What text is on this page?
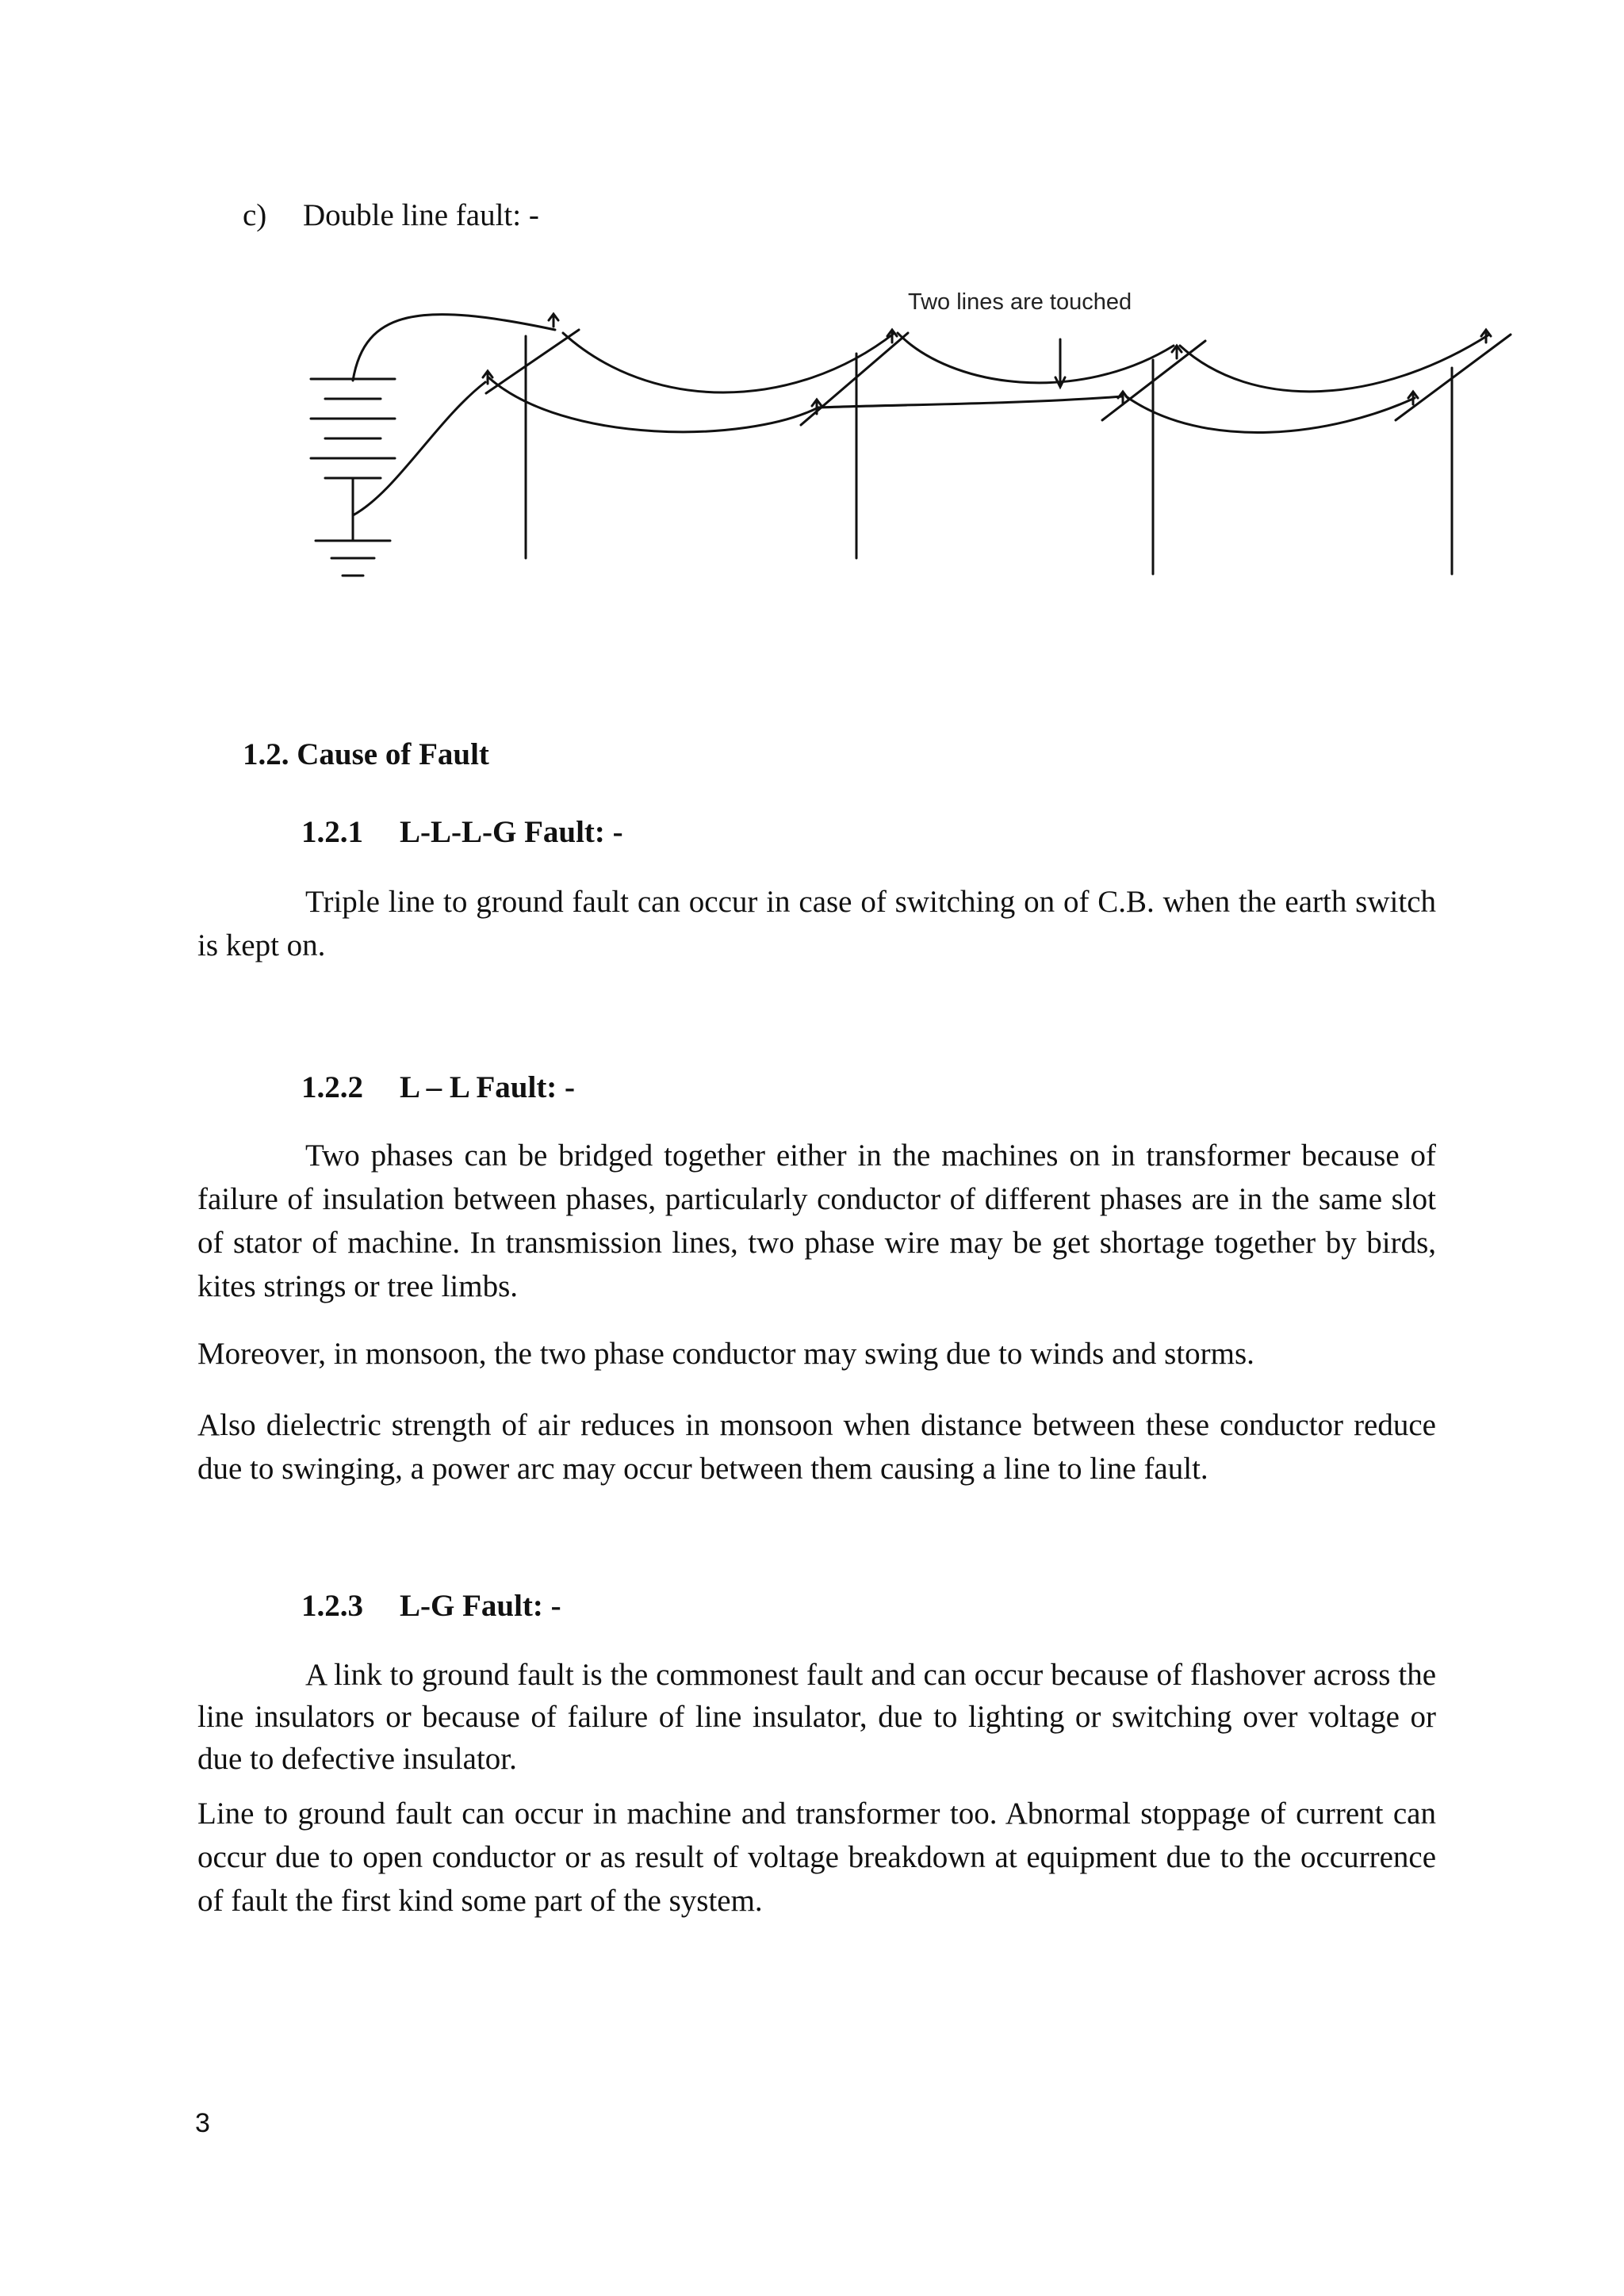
c) Double line fault: -
Two lines are touched
1.2. Cause of Fault
1.2.1 L-L-L-G Fault: -

Triple line to ground fault can occur in case of switching on of C.B. when the earth switch is kept on.

1.2.2 L – L Fault: -

Two phases can be bridged together either in the machines on in transformer because of failure of insulation between phases, particularly conductor of different phases are in the same slot of stator of machine. In transmission lines, two phase wire may be get shortage together by birds, kites strings or tree limbs.

Moreover, in monsoon, the two phase conductor may swing due to winds and storms.

Also dielectric strength of air reduces in monsoon when distance between these conductor reduce due to swinging, a power arc may occur between them causing a line to line fault.

1.2.3 L-G Fault: -

A link to ground fault is the commonest fault and can occur because of flashover across the line insulators or because of failure of line insulator, due to lighting or switching over voltage or due to defective insulator.

Line to ground fault can occur in machine and transformer too. Abnormal stoppage of current can occur due to open conductor or as result of voltage breakdown at equipment due to the occurrence of fault the first kind some part of the system.

3
